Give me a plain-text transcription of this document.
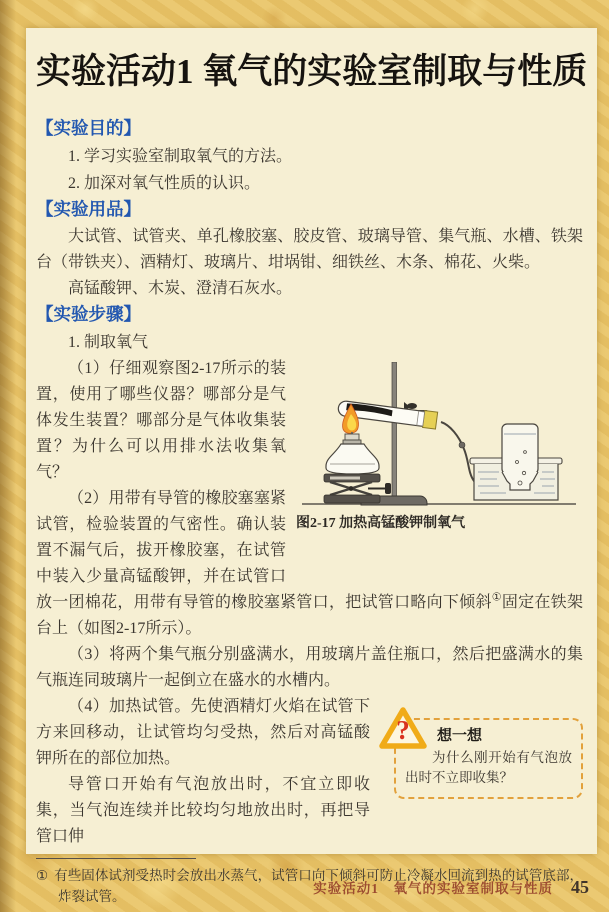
实验活动1 氧气的实验室制取与性质
【实验目的】

1. 学习实验室制取氧气的方法。

2. 加深对氧气性质的认识。

【实验用品】

大试管、试管夹、单孔橡胶塞、胶皮管、玻璃导管、集气瓶、水槽、铁架台（带铁夹）、酒精灯、玻璃片、坩埚钳、细铁丝、木条、棉花、火柴。

高锰酸钾、木炭、澄清石灰水。

【实验步骤】

1. 制取氧气

图2-17 加热高锰酸钾制氧气

（1）仔细观察图2-17所示的装置，使用了哪些仪器？哪部分是气体发生装置？哪部分是气体收集装置？为什么可以用排水法收集氧气？

（2）用带有导管的橡胶塞塞紧试管，检验装置的气密性。确认装置不漏气后，拔开橡胶塞，在试管中装入少量高锰酸钾，并在试管口放一团棉花，用带有导管的橡胶塞紧管口，把试管口略向下倾斜①固定在铁架台上（如图2-17所示）。

（3）将两个集气瓶分别盛满水，用玻璃片盖住瓶口，然后把盛满水的集气瓶连同玻璃片一起倒立在盛水的水槽内。

?	想一想

为什么刚开始有气泡放出时不立即收集？

（4）加热试管。先使酒精灯火焰在试管下方来回移动，让试管均匀受热，然后对高锰酸钾所在的部位加热。

导管口开始有气泡放出时，不宜立即收集，当气泡连续并比较均匀地放出时，再把导管口伸

① 有些固体试剂受热时会放出水蒸气，试管口向下倾斜可防止冷凝水回流到热的试管底部，炸裂试管。

实验活动1　氧气的实验室制取与性质 45
